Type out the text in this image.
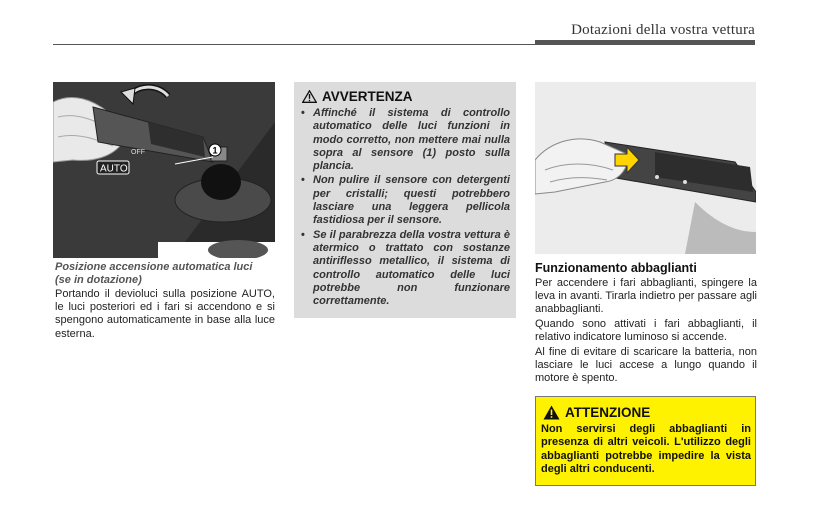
Dotazioni della vostra vettura
OFF	1
AUTO
Posizione accensione automatica luci
(se in dotazione)
Portando il devioluci sulla posizione AUTO, le luci posteriori ed i fari si accendono e si spengono automaticamente in base alla luce esterna.
AVVERTENZA
• Affinché il sistema di controllo automatico delle luci funzioni in modo corretto, non mettere mai nulla sopra al sensore (1) posto sulla plancia.
• Non pulire il sensore con detergenti per cristalli; questi potrebbero lasciare una leggera pellicola fastidiosa per il sensore.
• Se il parabrezza della vostra vettura è atermico o trattato con sostanze antiriflesso metallico, il sistema di controllo automatico delle luci potrebbe non funzionare correttamente.
Funzionamento abbaglianti

Per accendere i fari abbaglianti, spingere la leva in avanti. Tirarla indietro per passare agli anabbaglianti.

Quando sono attivati i fari abbaglianti, il relativo indicatore luminoso si accende.

Al fine di evitare di scaricare la batteria, non lasciare le luci accese a lungo quando il motore è spento.

ATTENZIONE
Non servirsi degli abbaglianti in presenza di altri veicoli. L'utilizzo degli abbaglianti potrebbe impedire la vista degli altri conducenti.
